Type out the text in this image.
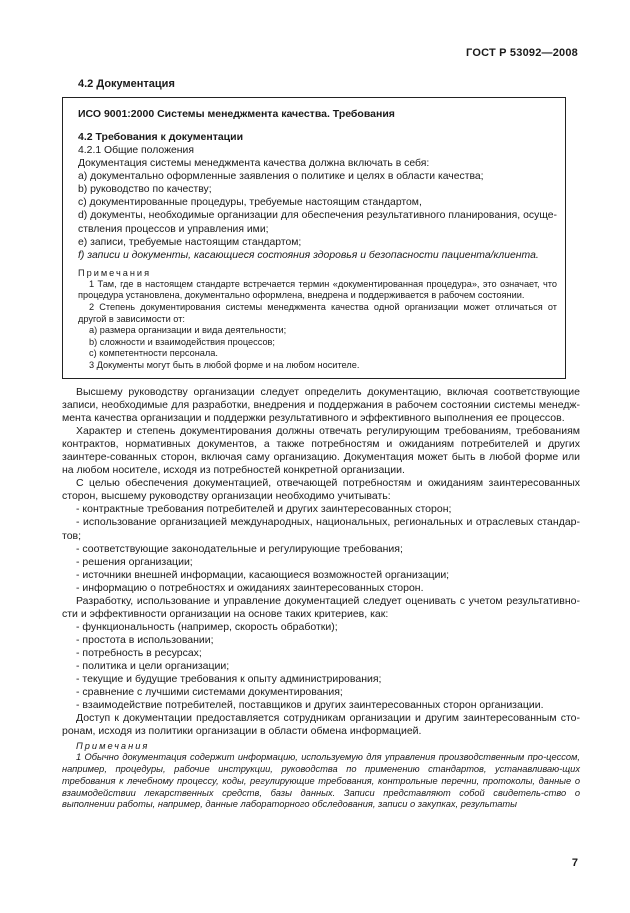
ГОСТ Р 53092—2008
4.2 Документация
ИСО 9001:2000 Системы менеджмента качества. Требования
4.2 Требования к документации

4.2.1 Общие положения

Документация системы менеджмента качества должна включать в себя:

a) документально оформленные заявления о политике и целях в области качества;

b) руководство по качеству;

c) документированные процедуры, требуемые настоящим стандартом,

d) документы, необходимые организации для обеспечения результативного планирования, осуще-ствления процессов и управления ими;

e) записи, требуемые настоящим стандартом;

f) записи и документы, касающиеся состояния здоровья и безопасности пациента/клиента.

Примечания

1 Там, где в настоящем стандарте встречается термин «документированная процедура», это означает, что процедура установлена, документально оформлена, внедрена и поддерживается в рабочем состоянии.

2 Степень документирования системы менеджмента качества одной организации может отличаться от другой в зависимости от:

a) размера организации и вида деятельности;

b) сложности и взаимодействия процессов;

c) компетентности персонала.

3 Документы могут быть в любой форме и на любом носителе.

Высшему руководству организации следует определить документацию, включая соответствующие записи, необходимые для разработки, внедрения и поддержания в рабочем состоянии системы менедж-мента качества организации и поддержки результативного и эффективного выполнения ее процессов.

Характер и степень документирования должны отвечать регулирующим требованиям, требованиям контрактов, нормативных документов, а также потребностям и ожиданиям потребителей и других заинтере-сованных сторон, включая саму организацию. Документация может быть в любой форме или на любом носителе, исходя из потребностей конкретной организации.

С целью обеспечения документацией, отвечающей потребностям и ожиданиям заинтересованных сторон, высшему руководству организации необходимо учитывать:

- контрактные требования потребителей и других заинтересованных сторон;

- использование организацией международных, национальных, региональных и отраслевых стандар-тов;

- соответствующие законодательные и регулирующие требования;

- решения организации;

- источники внешней информации, касающиеся возможностей организации;

- информацию о потребностях и ожиданиях заинтересованных сторон.

Разработку, использование и управление документацией следует оценивать с учетом результативно-сти и эффективности организации на основе таких критериев, как:

- функциональность (например, скорость обработки);

- простота в использовании;

- потребность в ресурсах;

- политика и цели организации;

- текущие и будущие требования к опыту администрирования;

- сравнение с лучшими системами документирования;

- взаимодействие потребителей, поставщиков и других заинтересованных сторон организации.

Доступ к документации предоставляется сотрудникам организации и другим заинтересованным сто-ронам, исходя из политики организации в области обмена информацией.

Примечания

1 Обычно документация содержит информацию, используемую для управления производственным про-цессом, например, процедуры, рабочие инструкции, руководства по применению стандартов, устанавливаю-щих требования к лечебному процессу, коды, регулирующие требования, контрольные перечни, протоколы, данные о взаимодействии лекарственных средств, базы данных. Записи представляют собой свидетель-ство о выполнении работы, например, данные лабораторного обследования, записи о закупках, результаты

7
